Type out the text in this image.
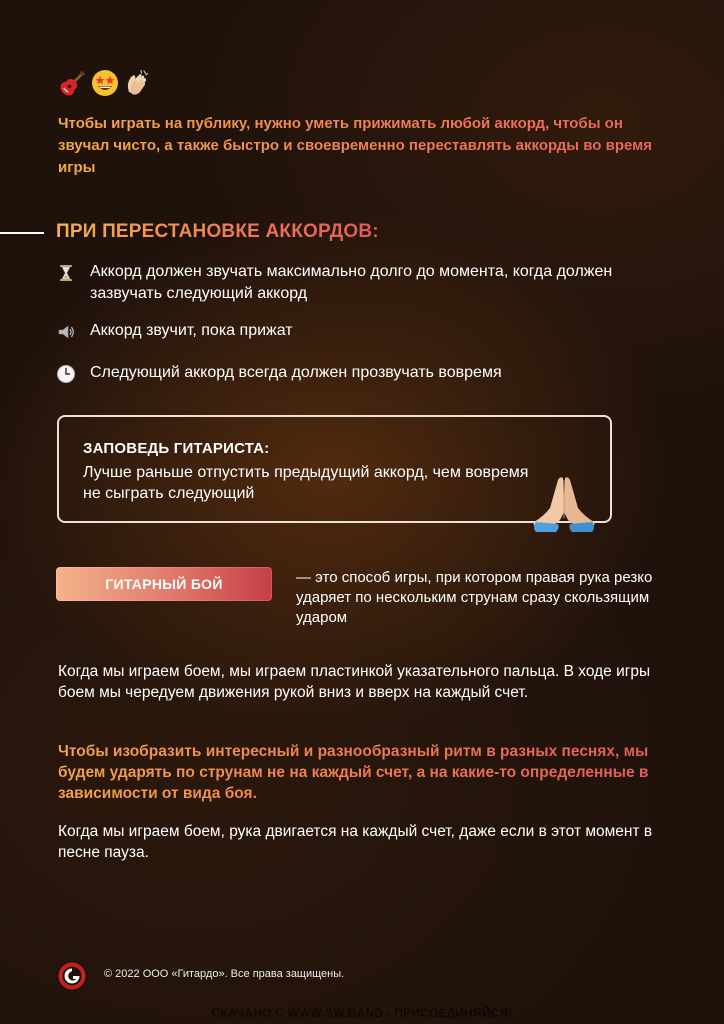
Чтобы играть на публику, нужно уметь прижимать любой аккорд, чтобы он звучал чисто, а также быстро и своевременно переставлять аккорды во время игры
ПРИ ПЕРЕСТАНОВКЕ АККОРДОВ:
Аккорд должен звучать максимально долго до момента, когда должен зазвучать следующий аккорд
Аккорд звучит, пока прижат
Следующий аккорд всегда должен прозвучать вовремя
ЗАПОВЕДЬ ГИТАРИСТА:
Лучше раньше отпустить предыдущий аккорд, чем вовремя не сыграть следующий
ГИТАРНЫЙ БОЙ	— это способ игры, при котором правая рука резко ударяет по нескольким струнам сразу скользящим ударом
Когда мы играем боем, мы играем пластинкой указательного пальца. В ходе игры боем мы чередуем движения рукой вниз и вверх на каждый счет.
Чтобы изобразить интересный и разнообразный ритм в разных песнях, мы будем ударять по струнам не на каждый счет, а на какие-то определенные в зависимости от вида боя.
Когда мы играем боем, рука двигается на каждый счет, даже если в этот момент в песне пауза.
© 2022 ООО «Гитардо». Все права защищены.
СКАЧАНО С WWW.SW.BAND - ПРИСОЕДИНЯЙСЯ!
